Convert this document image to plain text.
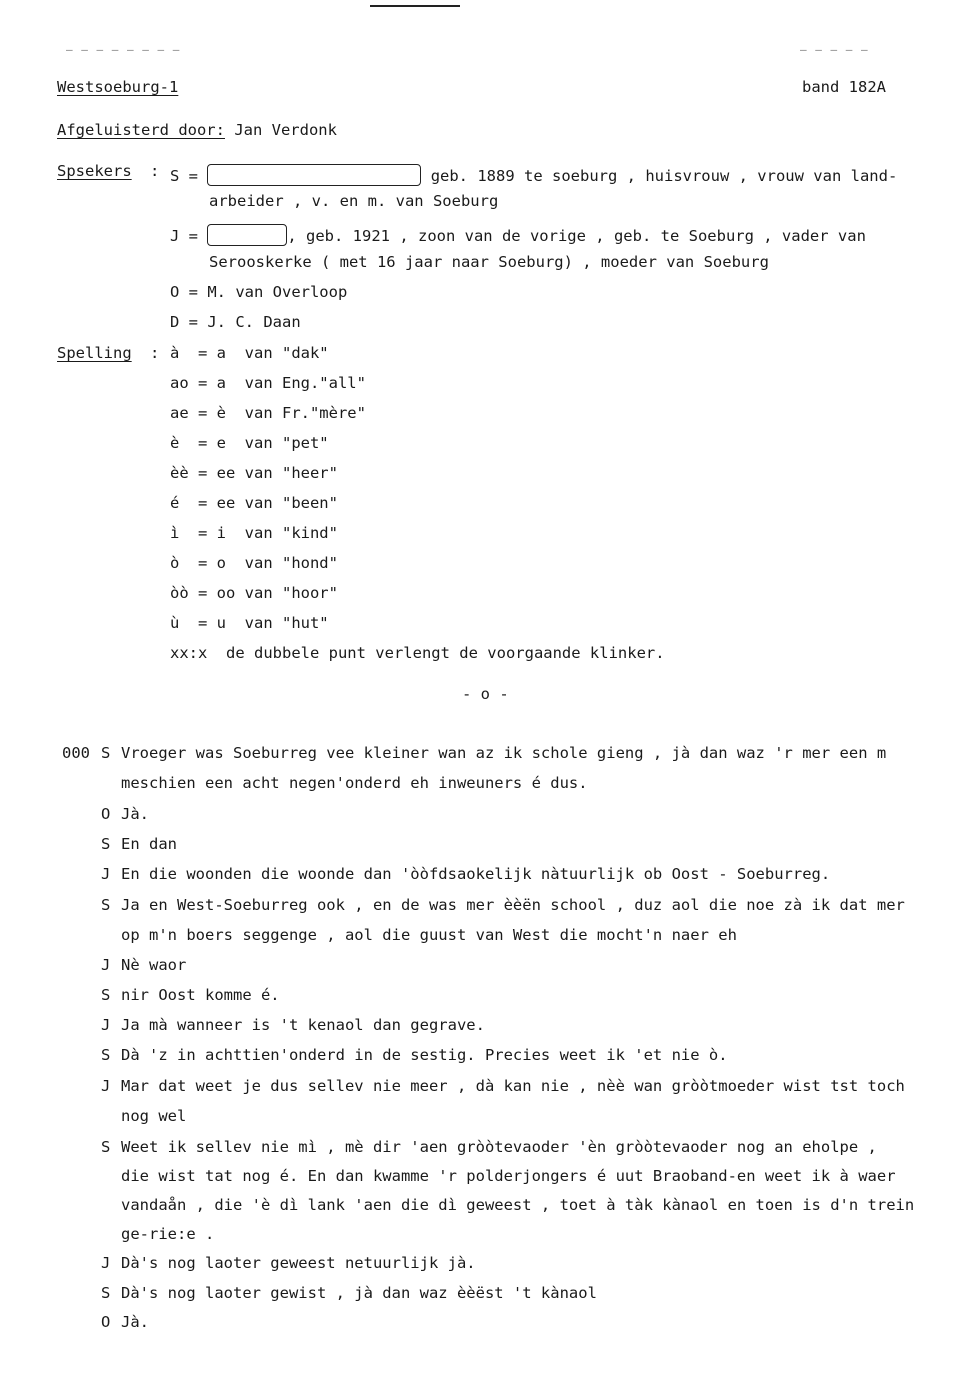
– – – – – – – –	– – – – –
Westsoeburg-1	band 182A
Afgeluisterd door: Jan Verdonk
Spsekers : S =	geb. 1889 te soeburg , huisvrouw , vrouw van land-
arbeider , v. en m. van Soeburg
J =	, geb. 1921 , zoon van de vorige , geb. te Soeburg , vader van
Serooskerke ( met 16 jaar naar Soeburg) , moeder van Soeburg
O = M. van Overloop
D = J. C. Daan
Spelling : à  = a  van "dak"
ao = a  van Eng."all"
ae = è  van Fr."mère"
è  = e  van "pet"
èè = ee van "heer"
é  = ee van "been"
ì  = i  van "kind"
ò  = o  van "hond"
òò = oo van "hoor"
ù  = u  van "hut"
xx:x  de dubbele punt verlengt de voorgaande klinker.
- o -
000 S Vroeger was Soeburreg vee kleiner wan az ik schole gieng , jà dan waz 'r mer een m
meschien een acht negen'onderd eh inweuners é dus.
O Jà.
S En dan
J En die woonden die woonde dan 'òòfdsaokelijk nàtuurlijk ob Oost - Soeburreg.
S Ja en West-Soeburreg ook , en de was mer èèën school , duz aol die noe zà ik dat mer
op m'n boers seggenge , aol die guust van West die mocht'n naer eh
J Nè waor
S nir Oost komme é.
J Ja mà wanneer is 't kenaol dan gegrave.
S Dà 'z in achttien'onderd in de sestig. Precies weet ik 'et nie ò.
J Mar dat weet je dus sellev nie meer , dà kan nie , nèè wan gròòtmoeder wist tst toch
nog wel
S Weet ik sellev nie mì , mè dir 'aen gròòtevaoder 'èn gròòtevaoder nog an eholpe ,
die wist tat nog é. En dan kwamme 'r polderjongers é uut Braoband-en weet ik à waer
vandaån , die 'è dì lank 'aen die dì geweest , toet à tàk kànaol en toen is d'n trein
ge-rie:e .
J Dà's nog laoter geweest netuurlijk jà.
S Dà's nog laoter gewist , jà dan waz èèëst 't kànaol
O Jà.
